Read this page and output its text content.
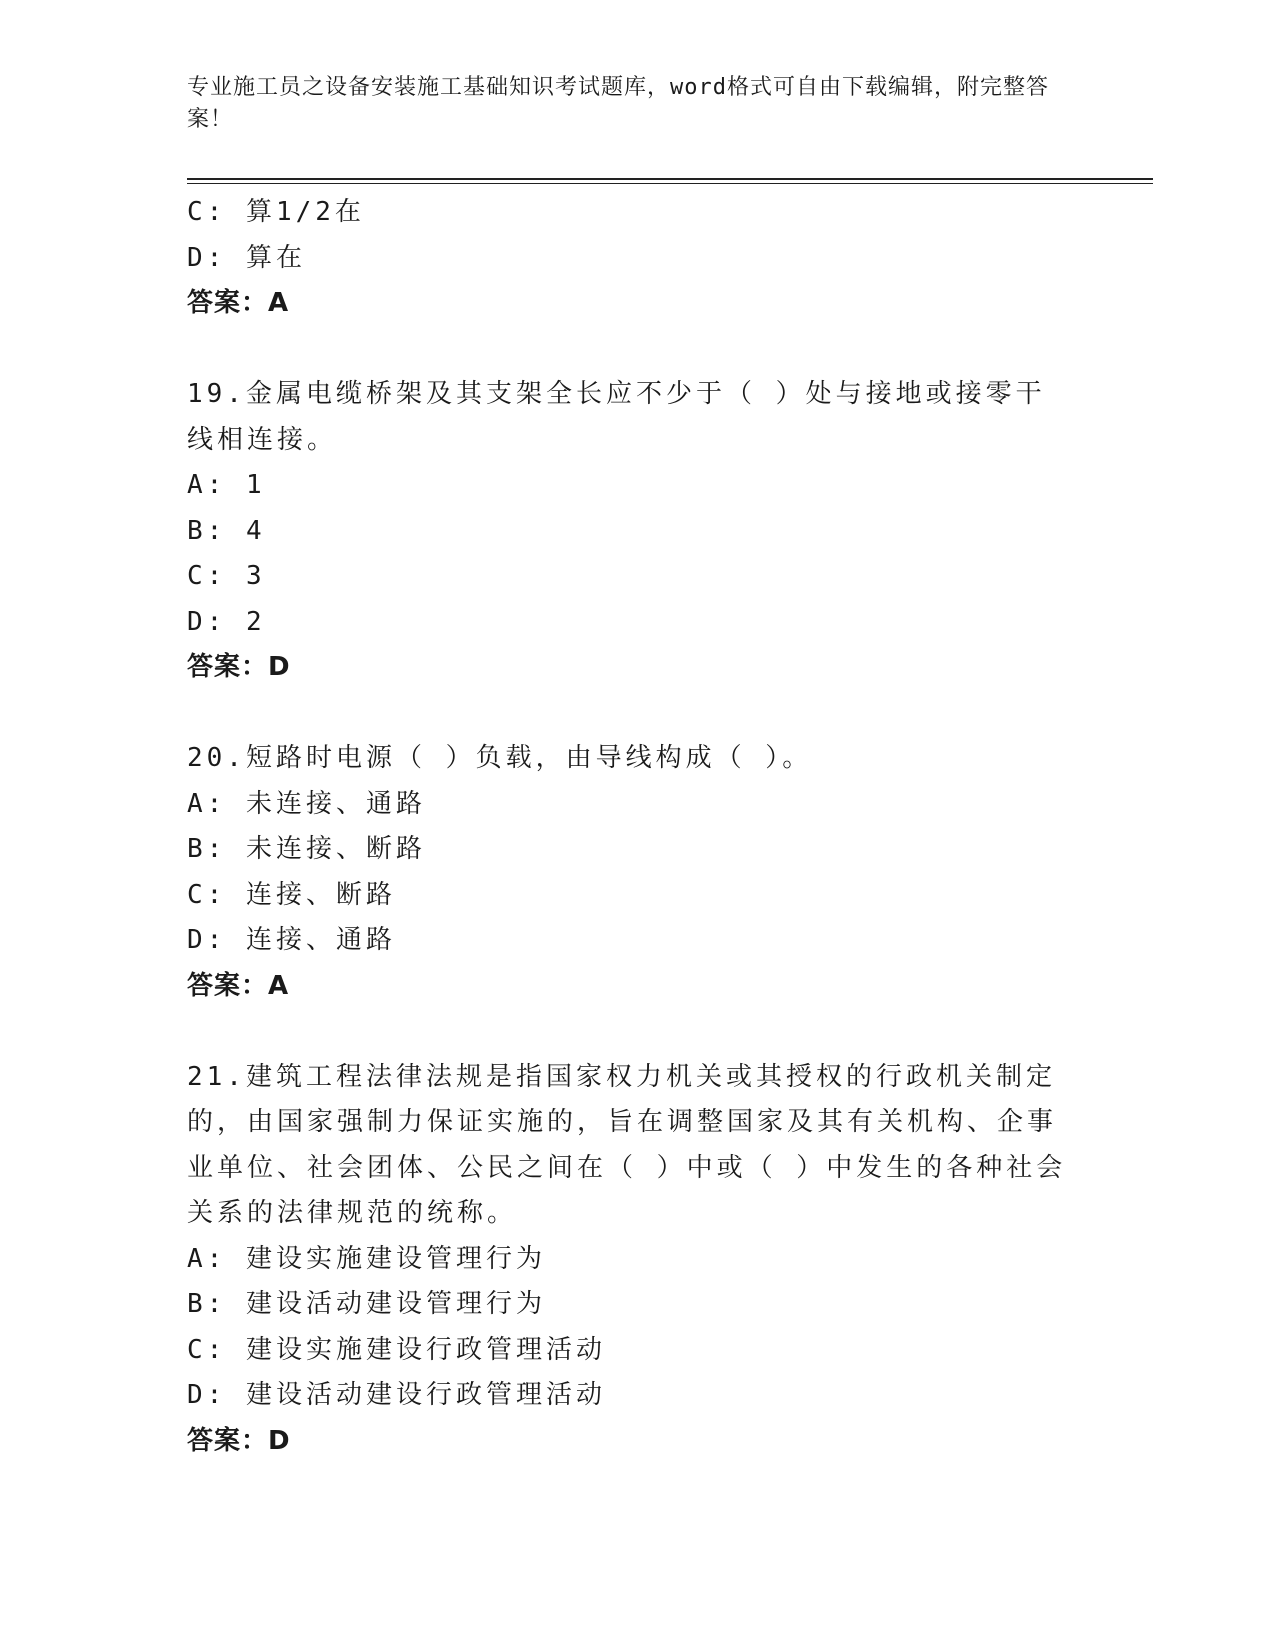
专业施工员之设备安装施工基础知识考试题库，word格式可自由下载编辑，附完整答案！
C: 算1/2在
D: 算在
答案：A
19.金属电缆桥架及其支架全长应不少于（ ）处与接地或接零干线相连接。
A: 1
B: 4
C: 3
D: 2
答案：D
20.短路时电源（ ）负载，由导线构成（ ）。
A: 未连接、通路
B: 未连接、断路
C: 连接、断路
D: 连接、通路
答案：A
21.建筑工程法律法规是指国家权力机关或其授权的行政机关制定的，由国家强制力保证实施的，旨在调整国家及其有关机构、企事业单位、社会团体、公民之间在（ ）中或（ ）中发生的各种社会关系的法律规范的统称。
A: 建设实施建设管理行为
B: 建设活动建设管理行为
C: 建设实施建设行政管理活动
D: 建设活动建设行政管理活动
答案：D
